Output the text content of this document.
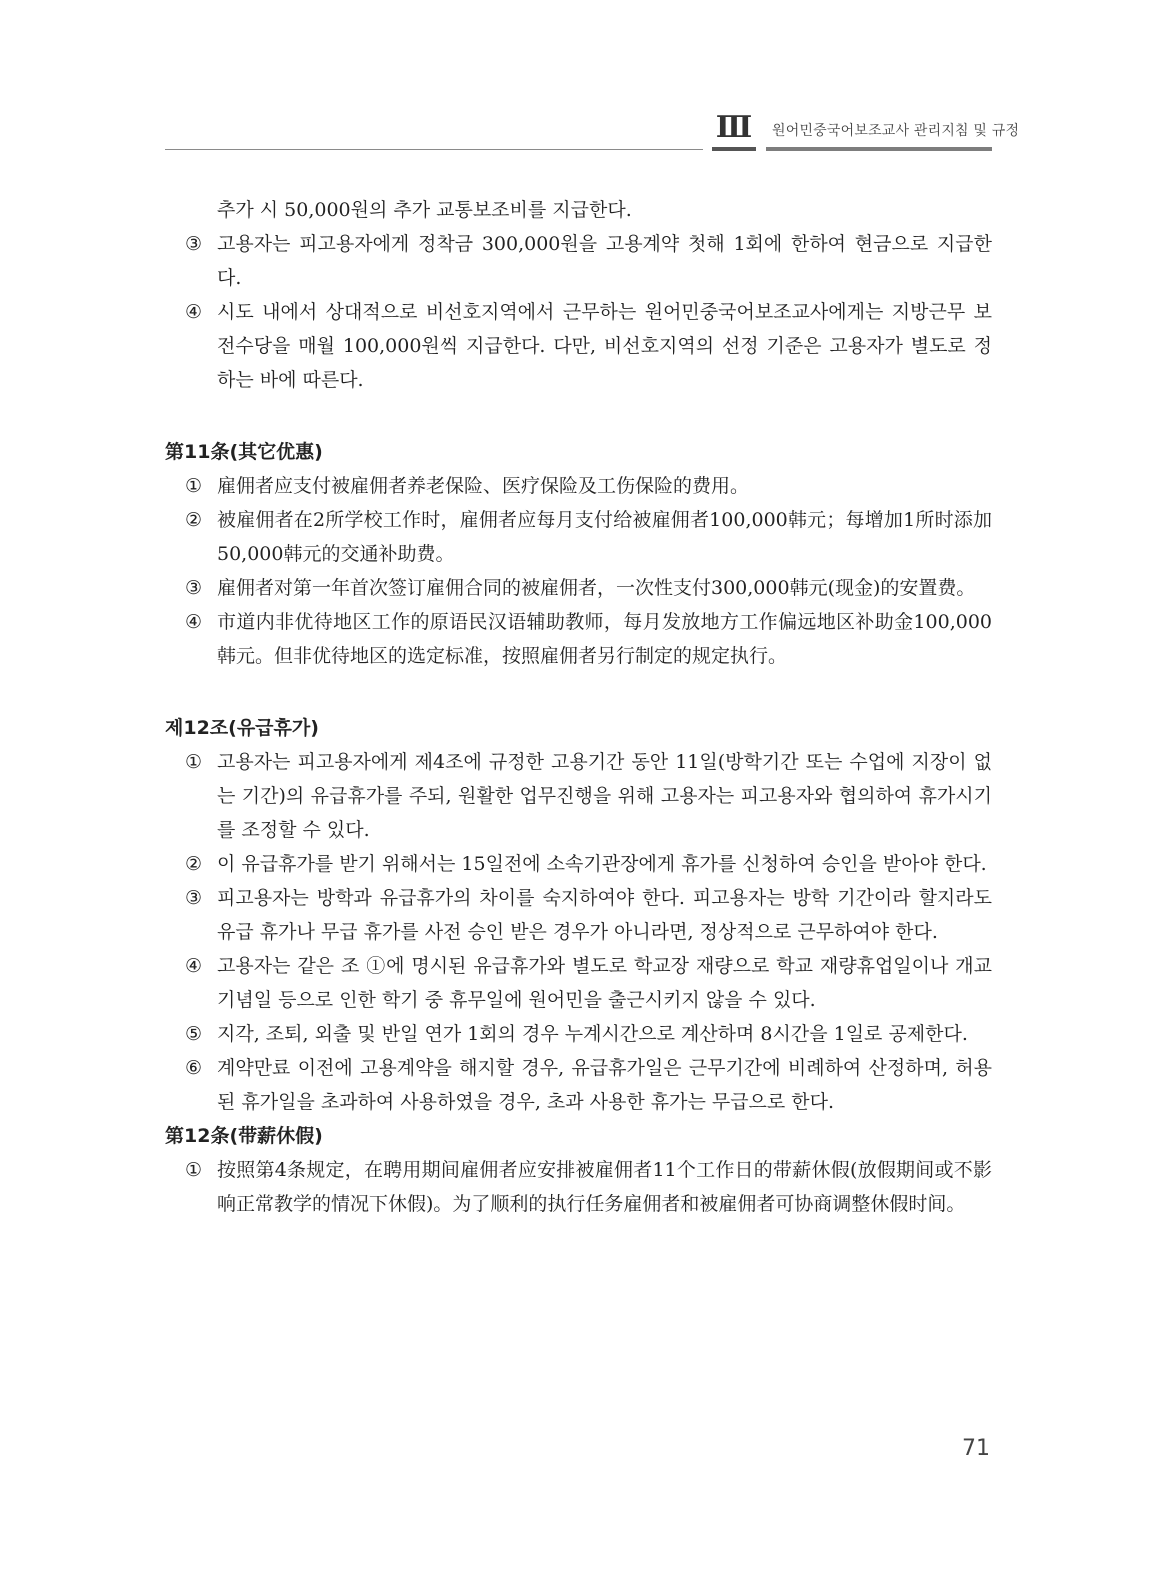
Ⅲ 원어민중국어보조교사 관리지침 및 규정
추가 시 50,000원의 추가 교통보조비를 지급한다.
③ 고용자는 피고용자에게 정착금 300,000원을 고용계약 첫해 1회에 한하여 현금으로 지급한다.
④ 시도 내에서 상대적으로 비선호지역에서 근무하는 원어민중국어보조교사에게는 지방근무 보전수당을 매월 100,000원씩 지급한다. 다만, 비선호지역의 선정 기준은 고용자가 별도로 정하는 바에 따른다.
第11条(其它优惠)
① 雇佣者应支付被雇佣者养老保险、医疗保险及工伤保险的费用。
② 被雇佣者在2所学校工作时，雇佣者应每月支付给被雇佣者100,000韩元；每增加1所时添加50,000韩元的交通补助费。
③ 雇佣者对第一年首次签订雇佣合同的被雇佣者，一次性支付300,000韩元(现金)的安置费。
④ 市道内非优待地区工作的原语民汉语辅助教师，每月发放地方工作偏远地区补助金100,000韩元。但非优待地区的选定标准，按照雇佣者另行制定的规定执行。
제12조(유급휴가)
① 고용자는 피고용자에게 제4조에 규정한 고용기간 동안 11일(방학기간 또는 수업에 지장이 없는 기간)의 유급휴가를 주되, 원활한 업무진행을 위해 고용자는 피고용자와 협의하여 휴가시기를 조정할 수 있다.
② 이 유급휴가를 받기 위해서는 15일전에 소속기관장에게 휴가를 신청하여 승인을 받아야 한다.
③ 피고용자는 방학과 유급휴가의 차이를 숙지하여야 한다. 피고용자는 방학 기간이라 할지라도 유급 휴가나 무급 휴가를 사전 승인 받은 경우가 아니라면, 정상적으로 근무하여야 한다.
④ 고용자는 같은 조 ①에 명시된 유급휴가와 별도로 학교장 재량으로 학교 재량휴업일이나 개교기념일 등으로 인한 학기 중 휴무일에 원어민을 출근시키지 않을 수 있다.
⑤ 지각, 조퇴, 외출 및 반일 연가 1회의 경우 누계시간으로 계산하며 8시간을 1일로 공제한다.
⑥ 계약만료 이전에 고용계약을 해지할 경우, 유급휴가일은 근무기간에 비례하여 산정하며, 허용된 휴가일을 초과하여 사용하였을 경우, 초과 사용한 휴가는 무급으로 한다.
第12条(带薪休假)
① 按照第4条规定，在聘用期间雇佣者应安排被雇佣者11个工作日的带薪休假(放假期间或不影响正常教学的情况下休假)。为了顺利的执行任务雇佣者和被雇佣者可协商调整休假时间。
71
